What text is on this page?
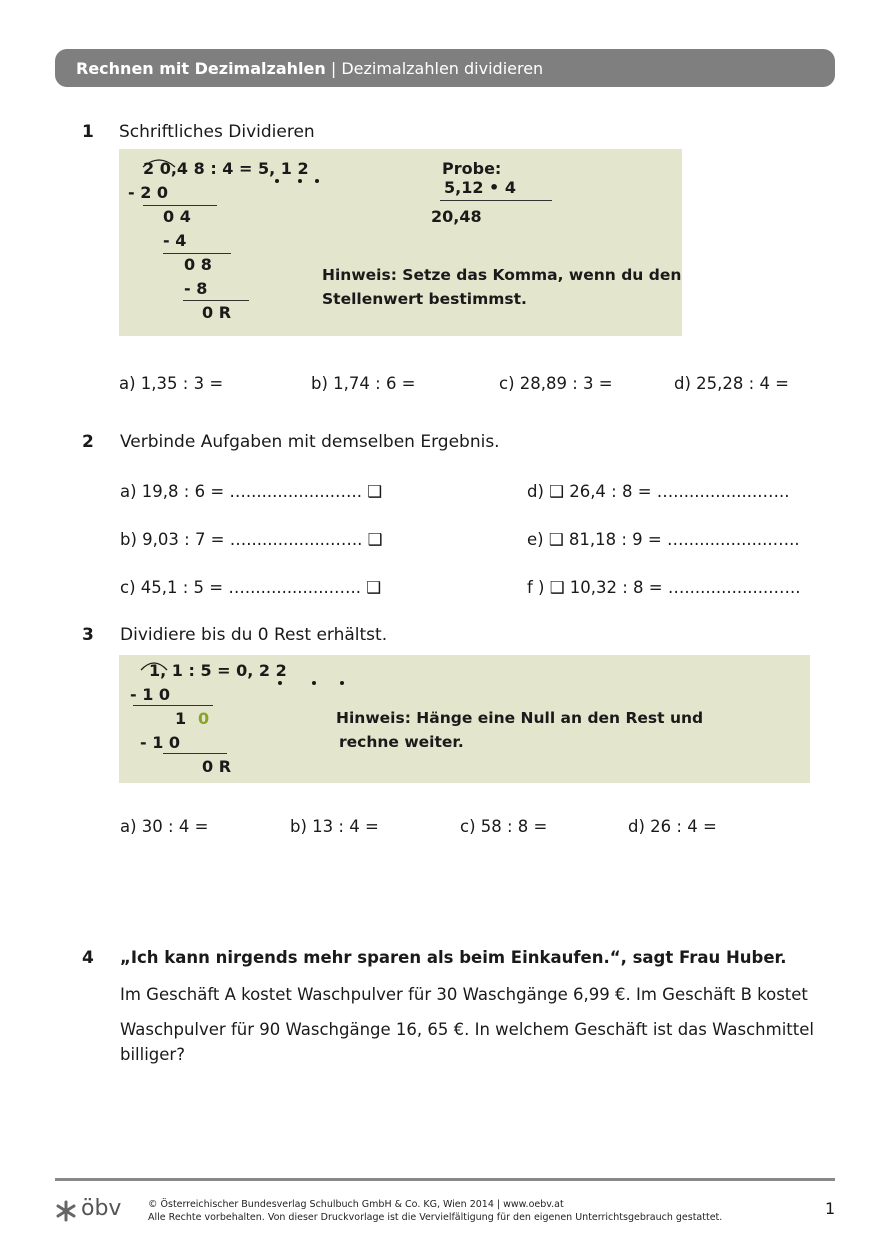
Rechnen mit Dezimalzahlen | Dezimalzahlen dividieren
1 Schriftliches Dividieren
2 0,4 8 : 4 = 5, 1 2
- 2 0
0 4
- 4
0 8
- 8
0 R
Probe:
5,12 • 4
20,48
Hinweis: Setze das Komma, wenn du den
Stellenwert bestimmst.
a) 1,35 : 3 =	b) 1,74 : 6 =	c) 28,89 : 3 =	d) 25,28 : 4 =
2 Verbinde Aufgaben mit demselben Ergebnis.
a) 19,8 : 6 = ….................….. ❑
b) 9,03 : 7 = ….................….. ❑
c) 45,1 : 5 = ….................….. ❑
d) ❑ 26,4 : 8 = ….................…..
e) ❑ 81,18 : 9 = ….................…..
f ) ❑ 10,32 : 8 = ….................…..
3 Dividiere bis du 0 Rest erhältst.
1, 1 : 5 = 0, 2 2
- 1 0
1 0
- 1 0
0 R
Hinweis: Hänge eine Null an den Rest und
rechne weiter.
a) 30 : 4 =	b) 13 : 4 =	c) 58 : 8 =	d) 26 : 4 =
4 „Ich kann nirgends mehr sparen als beim Einkaufen.“, sagt Frau Huber.
Im Geschäft A kostet Waschpulver für 30 Waschgänge 6,99 €. Im Geschäft B kostet
Waschpulver für 90 Waschgänge 16, 65 €. In welchem Geschäft ist das Waschmittel
billiger?
öbv	© Österreichischer Bundesverlag Schulbuch GmbH & Co. KG, Wien 2014 | www.oebv.at
Alle Rechte vorbehalten. Von dieser Druckvorlage ist die Vervielfältigung für den eigenen Unterrichtsgebrauch gestattet.	1
